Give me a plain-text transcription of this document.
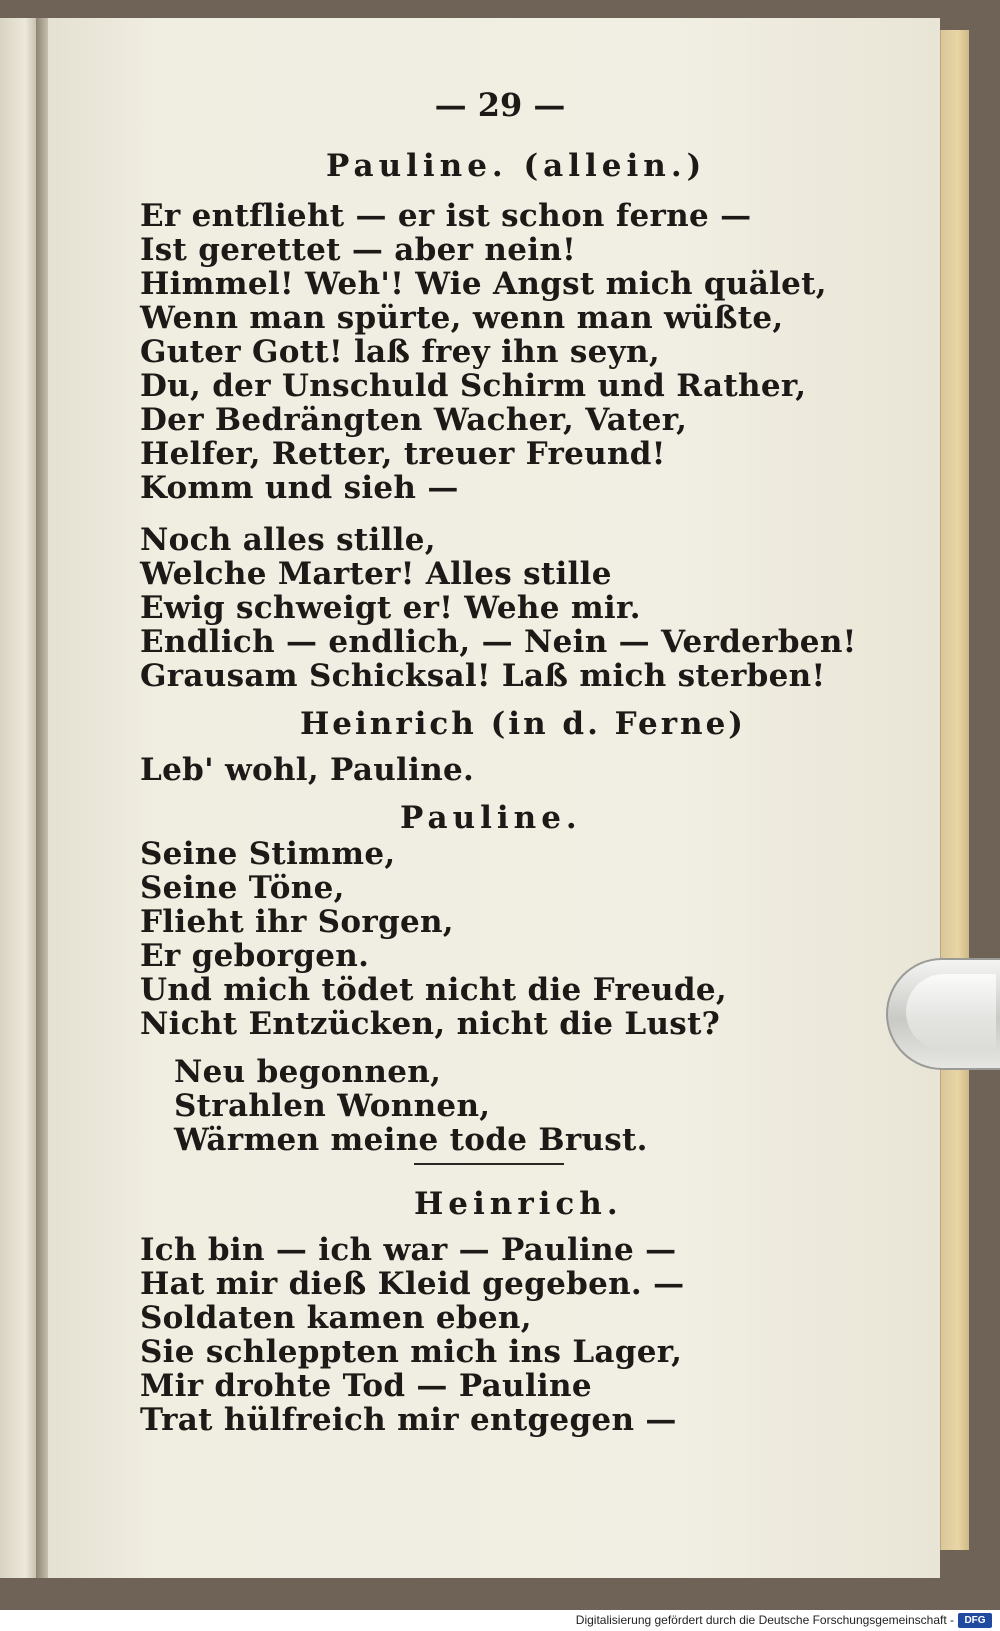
— 29 —
Pauline. (allein.)
Er entflieht — er ist schon ferne —
Ist gerettet — aber nein!
Himmel! Weh'! Wie Angst mich quälet,
Wenn man spürte, wenn man wüßte,
Guter Gott! laß frey ihn seyn,
Du, der Unschuld Schirm und Rather,
Der Bedrängten Wacher, Vater,
Helfer, Retter, treuer Freund!
Komm und sieh —
Noch alles stille,
Welche Marter! Alles stille
Ewig schweigt er! Wehe mir.
Endlich — endlich, — Nein — Verderben!
Grausam Schicksal! Laß mich sterben!
Heinrich (in d. Ferne)
Leb' wohl, Pauline.
Pauline.
Seine Stimme,
Seine Töne,
Flieht ihr Sorgen,
Er geborgen.
Und mich tödet nicht die Freude,
Nicht Entzücken, nicht die Lust?
Neu begonnen,
Strahlen Wonnen,
Wärmen meine tode Brust.
Heinrich.
Ich bin — ich war — Pauline —
Hat mir dieß Kleid gegeben. —
Soldaten kamen eben,
Sie schleppten mich ins Lager,
Mir drohte Tod — Pauline
Trat hülfreich mir entgegen —
Digitalisierung gefördert durch die Deutsche Forschungsgemeinschaft -	DFG
